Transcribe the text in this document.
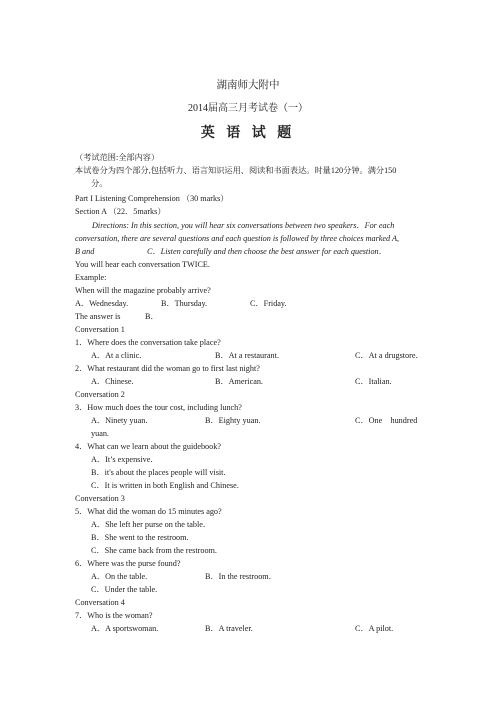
湖南师大附中
2014届高三月考试卷（一）
英 语 试 题
（考试范围:全部内容）
本试卷分为四个部分,包括听力、语言知识运用、阅读和书面表达。时量120分钟。满分150
分。
Part I Listening Comprehension （30 marks）
Section A （22．5marks）
Directions: In this section, you will hear six conversations between two speakers．For each
conversation, there are several questions and each question is followed by three choices marked A,
B and	C．Listen carefully and then choose the best answer for each question．
You will hear each conversation TWICE.
Example:
When will the magazine probably arrive?
A．Wednesday.	B．Thursday.	C．Friday.
The answer is	B．
Conversation 1
1．Where does the conversation take place?
A．At a clinic.	B．At a restaurant.	C．At a drugstore．
2．What restaurant did the woman go to first last night?
A．Chinese.	B．American.	C．Italian.
Conversation 2
3．How much does the tour cost, including lunch?
A．Ninety yuan.	B．Eighty yuan.	C．One　hundred
yuan.
4．What can we learn about the guidebook?
A．It’s expensive．
B．it's about the places people will visit.
C．It is written in both English and Chinese.
Conversation 3
5．What did the woman do 15 minutes ago?
A．She left her purse on the table．
B．She went to the restroom.
C．She came back from the restroom.
6．Where was the purse found?
A．On the table.	B．In the restroom．
C．Under the table.
Conversation 4
7．Who is the woman?
A．A sportswoman.	B．A traveler.	C．A pilot.
